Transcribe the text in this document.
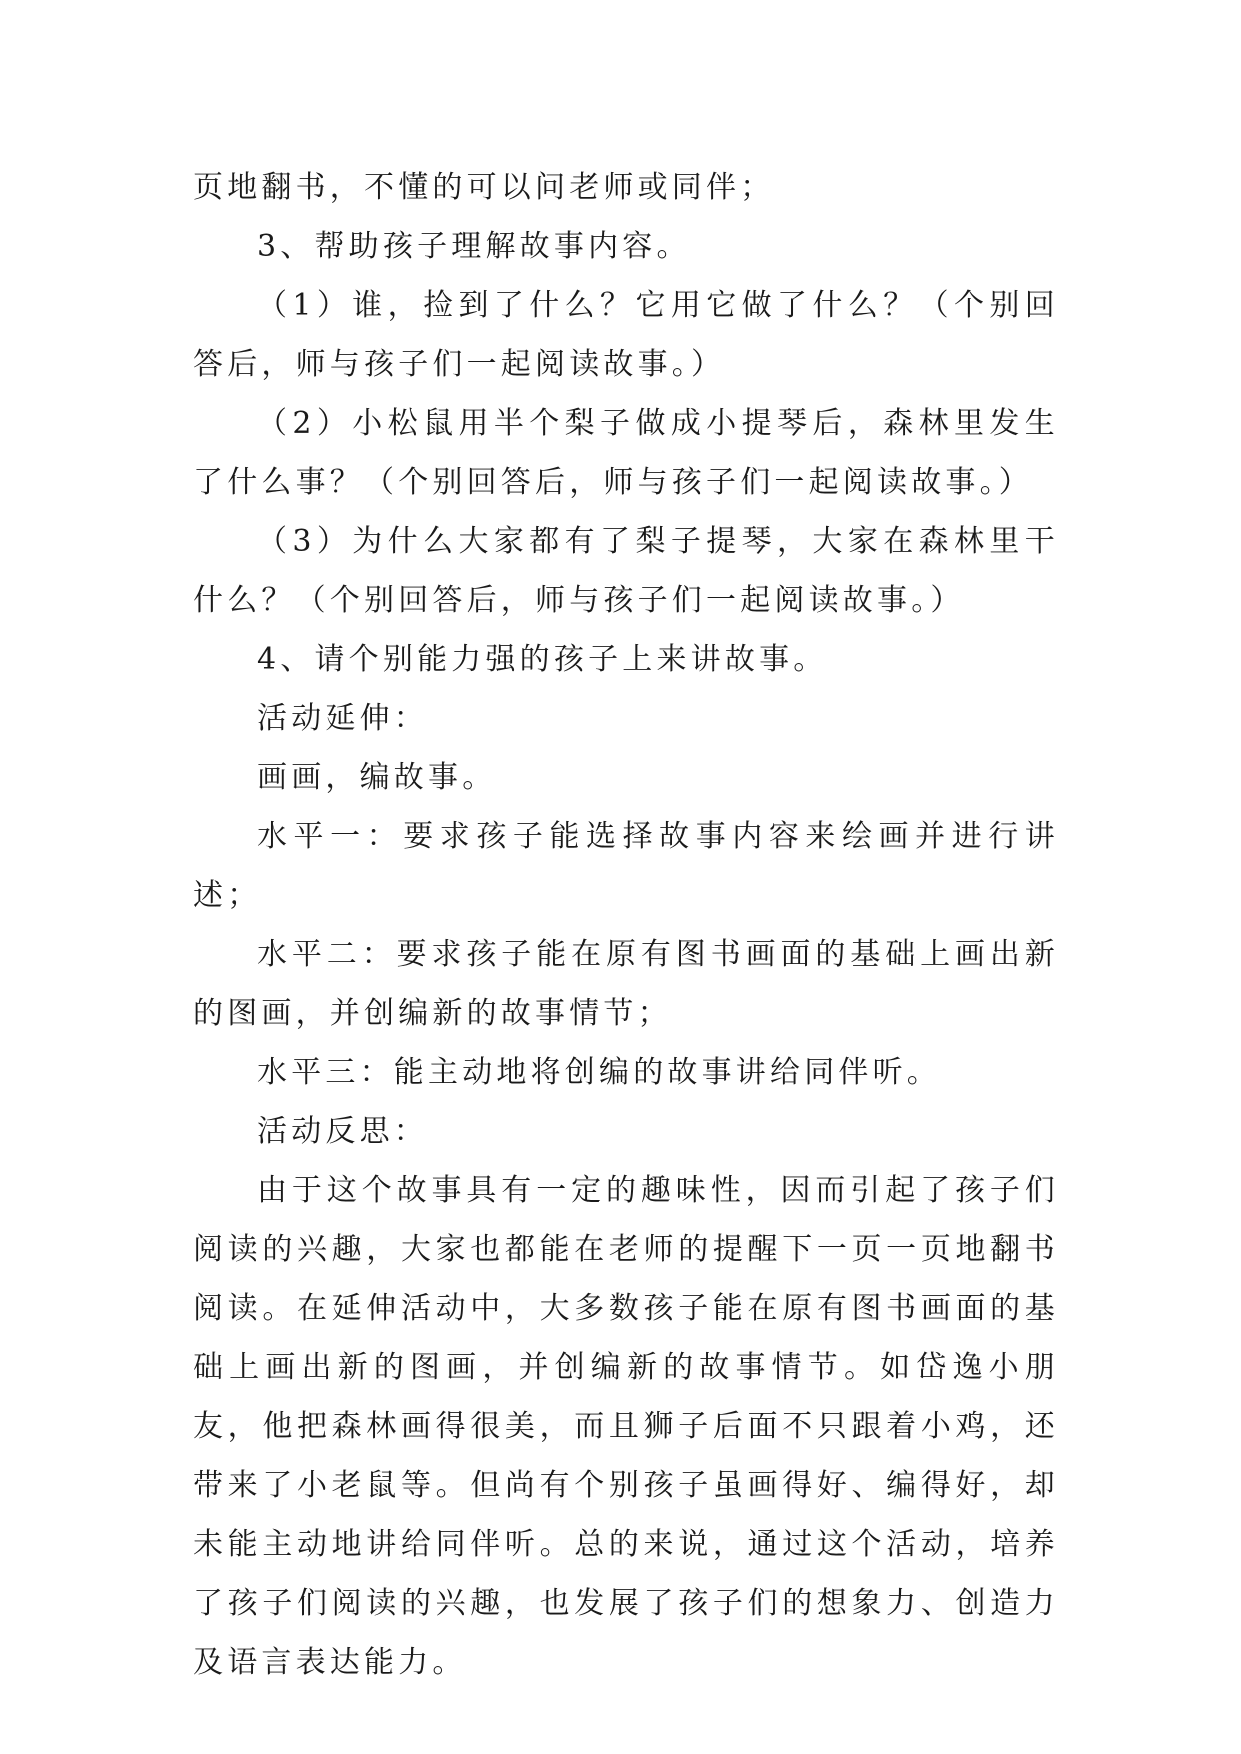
页地翻书，不懂的可以问老师或同伴；

3、帮助孩子理解故事内容。

（1）谁，捡到了什么？它用它做了什么？（个别回答后，师与孩子们一起阅读故事。）

（2）小松鼠用半个梨子做成小提琴后，森林里发生了什么事？（个别回答后，师与孩子们一起阅读故事。）

（3）为什么大家都有了梨子提琴，大家在森林里干什么？（个别回答后，师与孩子们一起阅读故事。）

4、请个别能力强的孩子上来讲故事。

活动延伸：

画画，编故事。

水平一：要求孩子能选择故事内容来绘画并进行讲述；

水平二：要求孩子能在原有图书画面的基础上画出新的图画，并创编新的故事情节；

水平三：能主动地将创编的故事讲给同伴听。

活动反思：

由于这个故事具有一定的趣味性，因而引起了孩子们阅读的兴趣，大家也都能在老师的提醒下一页一页地翻书阅读。在延伸活动中，大多数孩子能在原有图书画面的基础上画出新的图画，并创编新的故事情节。如岱逸小朋友，他把森林画得很美，而且狮子后面不只跟着小鸡，还带来了小老鼠等。但尚有个别孩子虽画得好、编得好，却未能主动地讲给同伴听。总的来说，通过这个活动，培养了孩子们阅读的兴趣，也发展了孩子们的想象力、创造力及语言表达能力。
